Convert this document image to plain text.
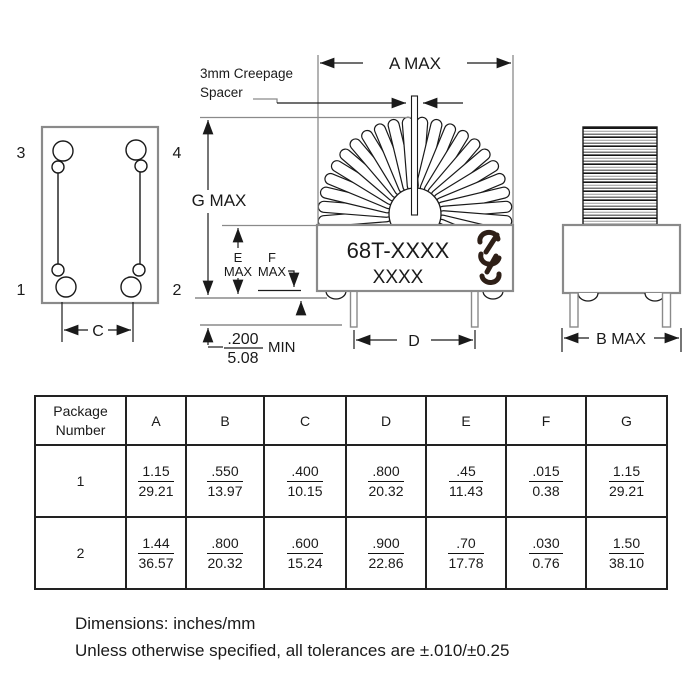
3	4
1	2
C
68T-XXXX
XXXX
A MAX
3mm Creepage
Spacer
G MAX
E
MAX
F
MAX
.200
5.08
MIN	D	B MAX
Package
Number	A	B	C	D	E	F	G
1	$\frac{1.15}{29.21}$	$\frac{.550}{13.97}$	$\frac{.400}{10.15}$	$\frac{.800}{20.32}$	$\frac{.45}{11.43}$	$\frac{.015}{0.38}$	$\frac{1.15}{29.21}$

2	$\frac{1.44}{36.57}$	$\frac{.800}{20.32}$	$\frac{.600}{15.24}$	$\frac{.900}{22.86}$	$\frac{.70}{17.78}$	$\frac{.030}{0.76}$	$\frac{1.50}{38.10}$
Dimensions: inches/mm
Unless otherwise specified, all tolerances are ±.010/±0.25
